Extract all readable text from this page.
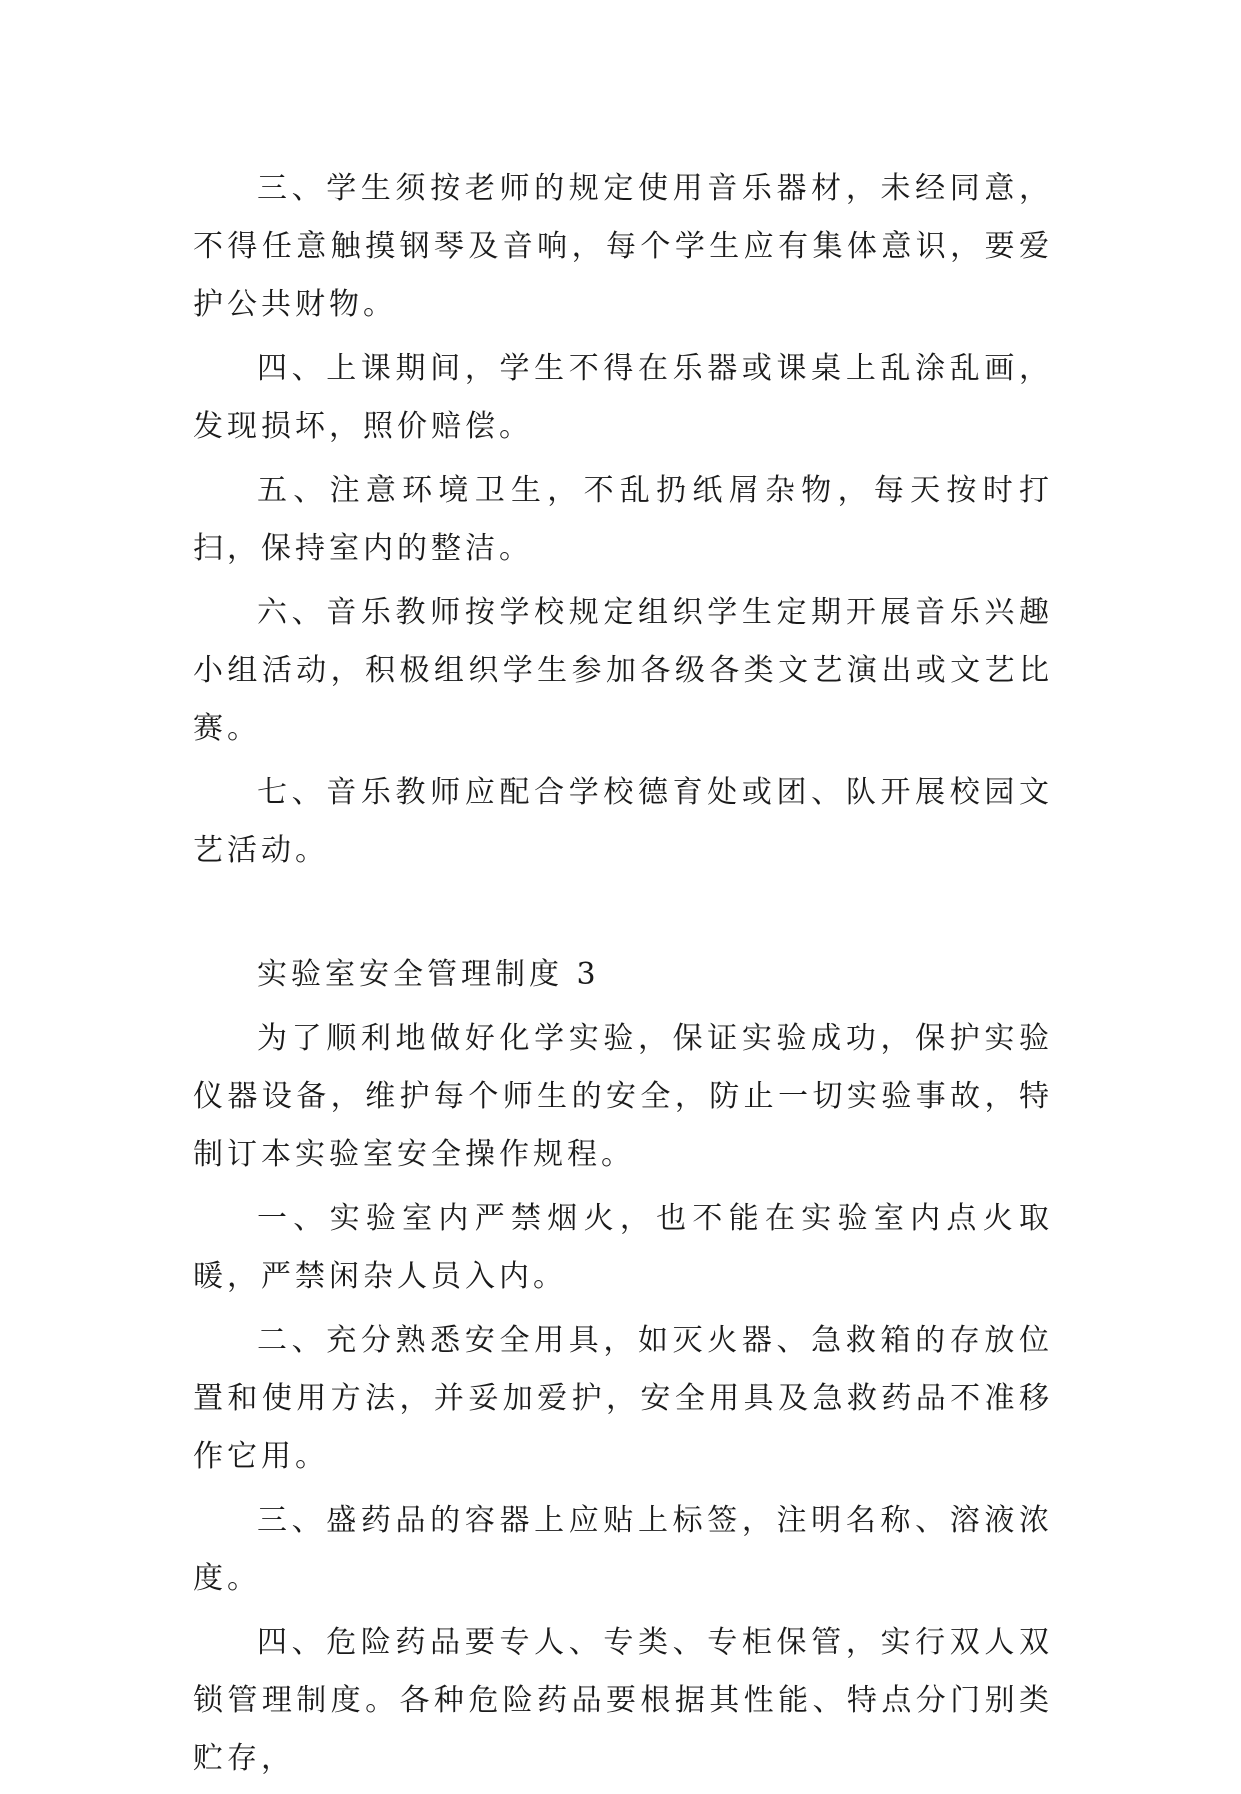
三、学生须按老师的规定使用音乐器材，未经同意，不得任意触摸钢琴及音响，每个学生应有集体意识，要爱护公共财物。

四、上课期间，学生不得在乐器或课桌上乱涂乱画，发现损坏，照价赔偿。

五、注意环境卫生，不乱扔纸屑杂物，每天按时打扫，保持室内的整洁。

六、音乐教师按学校规定组织学生定期开展音乐兴趣小组活动，积极组织学生参加各级各类文艺演出或文艺比赛。

七、音乐教师应配合学校德育处或团、队开展校园文艺活动。

实验室安全管理制度 3

为了顺利地做好化学实验，保证实验成功，保护实验仪器设备，维护每个师生的安全，防止一切实验事故，特制订本实验室安全操作规程。

一、实验室内严禁烟火，也不能在实验室内点火取暖，严禁闲杂人员入内。

二、充分熟悉安全用具，如灭火器、急救箱的存放位置和使用方法，并妥加爱护，安全用具及急救药品不准移作它用。

三、盛药品的容器上应贴上标签，注明名称、溶液浓度。

四、危险药品要专人、专类、专柜保管，实行双人双锁管理制度。各种危险药品要根据其性能、特点分门别类贮存，
